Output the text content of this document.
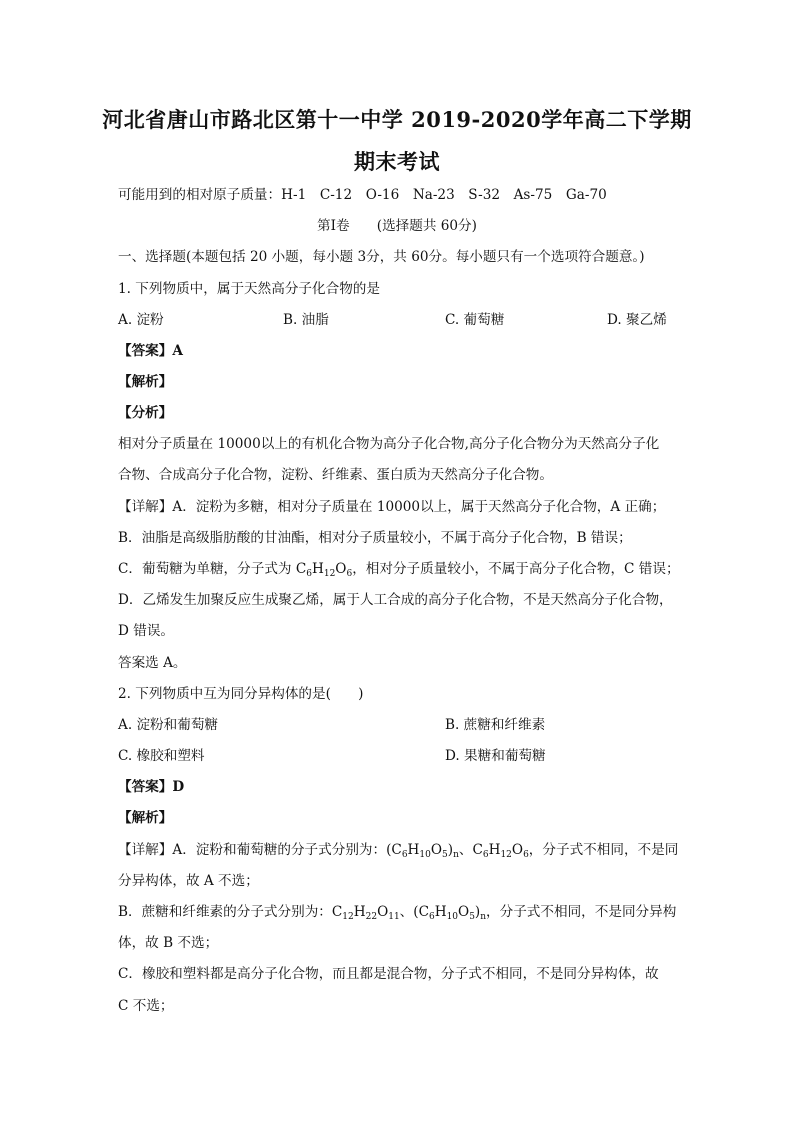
河北省唐山市路北区第十一中学 2019-2020学年高二下学期
期末考试
可能用到的相对原子质量：H-1　C-12　O-16　Na-23　S-32　As-75　Ga-70
第Ⅰ卷　　(选择题共 60分)
一、选择题(本题包括 20 小题，每小题 3分，共 60分。每小题只有一个选项符合题意。)
1. 下列物质中，属于天然高分子化合物的是
A. 淀粉	B. 油脂	C. 葡萄糖	D. 聚乙烯
【答案】A
【解析】
【分析】
相对分子质量在 10000以上的有机化合物为高分子化合物,高分子化合物分为天然高分子化
合物、合成高分子化合物，淀粉、纤维素、蛋白质为天然高分子化合物。
【详解】A．淀粉为多糖，相对分子质量在 10000以上，属于天然高分子化合物，A 正确；
B．油脂是高级脂肪酸的甘油酯，相对分子质量较小，不属于高分子化合物，B 错误；
C．葡萄糖为单糖，分子式为 $C_6H_{12}O_6$，相对分子质量较小，不属于高分子化合物，C 错误；
D．乙烯发生加聚反应生成聚乙烯，属于人工合成的高分子化合物，不是天然高分子化合物，
D 错误。
答案选 A。
2. 下列物质中互为同分异构体的是(　　)
A. 淀粉和葡萄糖	B. 蔗糖和纤维素
C. 橡胶和塑料	D. 果糖和葡萄糖
【答案】D
【解析】
【详解】A．淀粉和葡萄糖的分子式分别为：$(C_6H_{10}O_5)_n$、$C_6H_{12}O_6$，分子式不相同，不是同
分异构体，故 A 不选；
B．蔗糖和纤维素的分子式分别为：$C_{12}H_{22}O_{11}$、$(C_6H_{10}O_5)_n$，分子式不相同，不是同分异构
体，故 B 不选；
C．橡胶和塑料都是高分子化合物，而且都是混合物，分子式不相同，不是同分异构体，故
C 不选；
